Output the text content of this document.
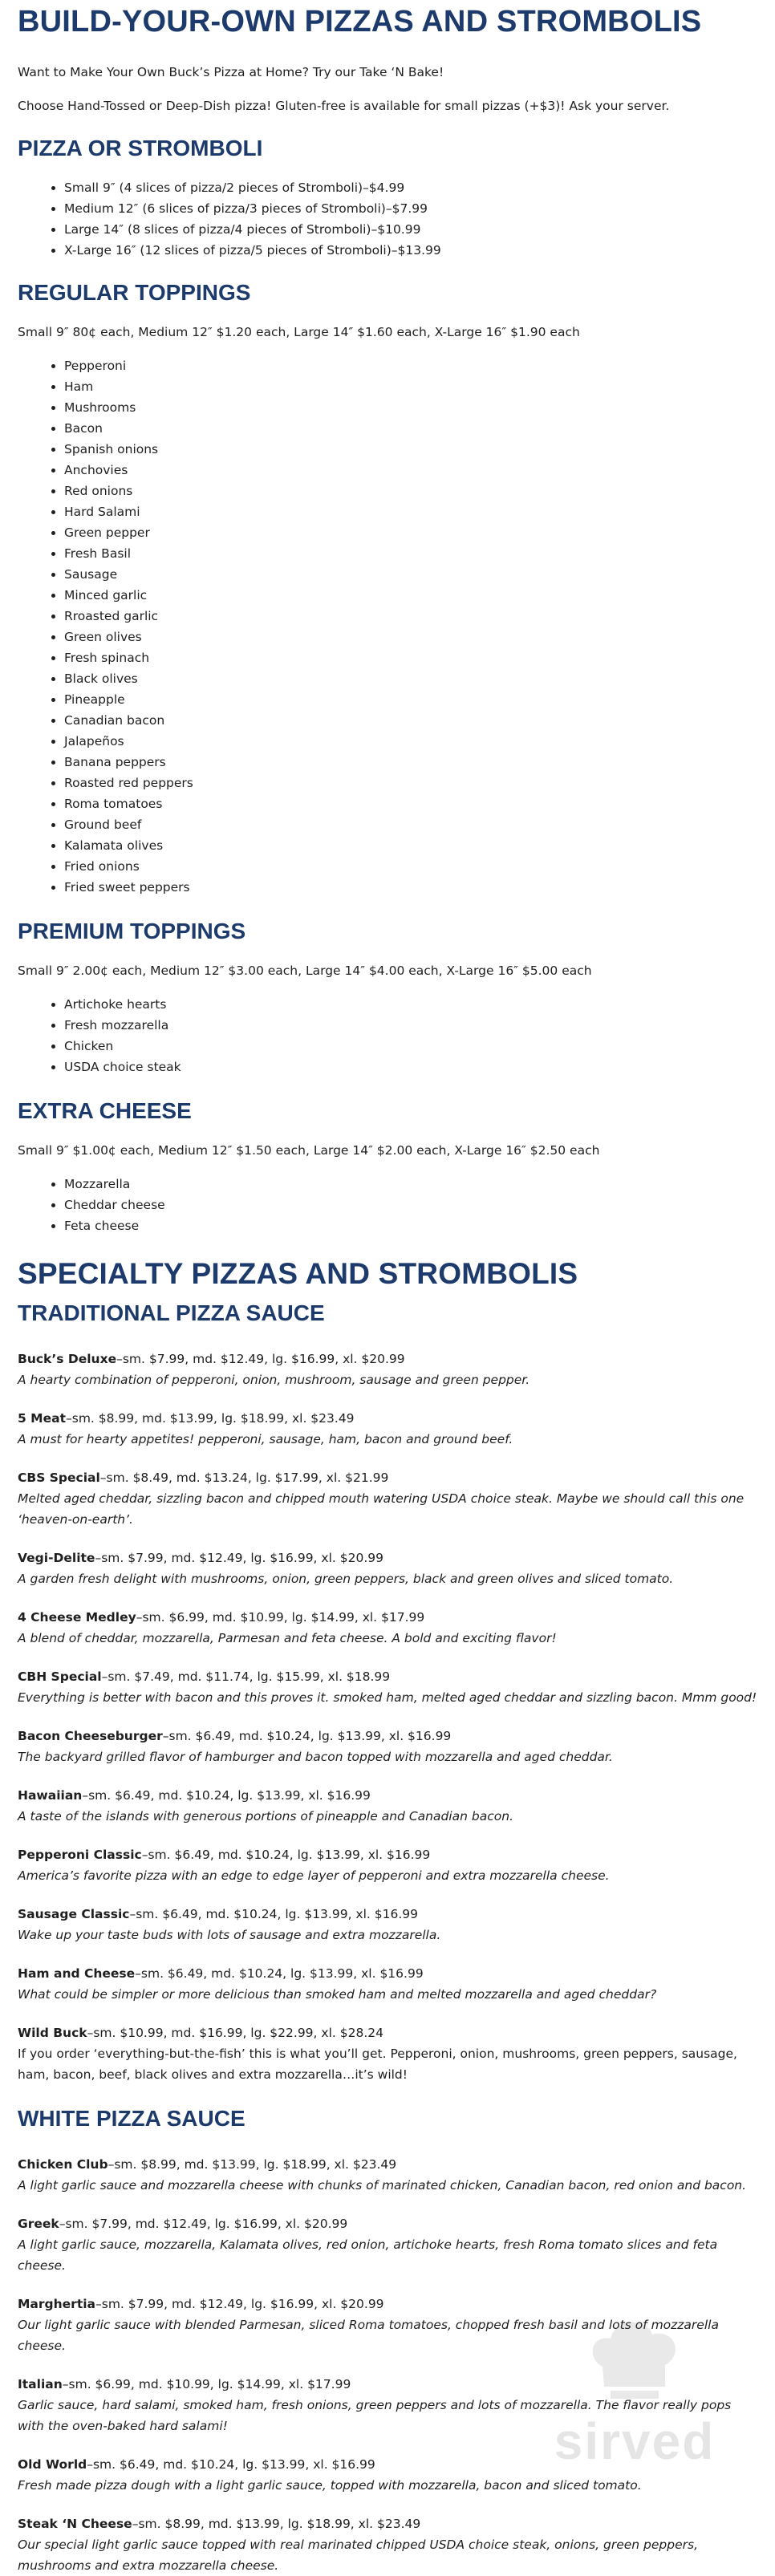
BUILD-YOUR-OWN PIZZAS AND STROMBOLIS

Want to Make Your Own Buck’s Pizza at Home? Try our Take ‘N Bake!

Choose Hand-Tossed or Deep-Dish pizza! Gluten-free is available for small pizzas (+$3)! Ask your server.

PIZZA OR STROMBOLI
• Small 9″ (4 slices of pizza/2 pieces of Stromboli)–$4.99
• Medium 12″ (6 slices of pizza/3 pieces of Stromboli)–$7.99
• Large 14″ (8 slices of pizza/4 pieces of Stromboli)–$10.99
• X-Large 16″ (12 slices of pizza/5 pieces of Stromboli)–$13.99
REGULAR TOPPINGS

Small 9″ 80¢ each, Medium 12″ $1.20 each, Large 14″ $1.60 each, X-Large 16″ $1.90 each

• Pepperoni
• Ham
• Mushrooms
• Bacon
• Spanish onions
• Anchovies
• Red onions
• Hard Salami
• Green pepper
• Fresh Basil
• Sausage
• Minced garlic
• Rroasted garlic
• Green olives
• Fresh spinach
• Black olives
• Pineapple
• Canadian bacon
• Jalapeños
• Banana peppers
• Roasted red peppers
• Roma tomatoes
• Ground beef
• Kalamata olives
• Fried onions
• Fried sweet peppers
PREMIUM TOPPINGS

Small 9″ 2.00¢ each, Medium 12″ $3.00 each, Large 14″ $4.00 each, X-Large 16″ $5.00 each

• Artichoke hearts
• Fresh mozzarella
• Chicken
• USDA choice steak
EXTRA CHEESE

Small 9″ $1.00¢ each, Medium 12″ $1.50 each, Large 14″ $2.00 each, X-Large 16″ $2.50 each

• Mozzarella
• Cheddar cheese
• Feta cheese
SPECIALTY PIZZAS AND STROMBOLIS
TRADITIONAL PIZZA SAUCE
Buck’s Deluxe–sm. $7.99, md. $12.49, lg. $16.99, xl. $20.99
A hearty combination of pepperoni, onion, mushroom, sausage and green pepper.
5 Meat–sm. $8.99, md. $13.99, lg. $18.99, xl. $23.49
A must for hearty appetites! pepperoni, sausage, ham, bacon and ground beef.
CBS Special–sm. $8.49, md. $13.24, lg. $17.99, xl. $21.99
Melted aged cheddar, sizzling bacon and chipped mouth watering USDA choice steak. Maybe we should call this one ‘heaven-on-earth’.
Vegi-Delite–sm. $7.99, md. $12.49, lg. $16.99, xl. $20.99
A garden fresh delight with mushrooms, onion, green peppers, black and green olives and sliced tomato.
4 Cheese Medley–sm. $6.99, md. $10.99, lg. $14.99, xl. $17.99
A blend of cheddar, mozzarella, Parmesan and feta cheese. A bold and exciting flavor!
CBH Special–sm. $7.49, md. $11.74, lg. $15.99, xl. $18.99
Everything is better with bacon and this proves it. smoked ham, melted aged cheddar and sizzling bacon. Mmm good!
Bacon Cheeseburger–sm. $6.49, md. $10.24, lg. $13.99, xl. $16.99
The backyard grilled flavor of hamburger and bacon topped with mozzarella and aged cheddar.
Hawaiian–sm. $6.49, md. $10.24, lg. $13.99, xl. $16.99
A taste of the islands with generous portions of pineapple and Canadian bacon.
Pepperoni Classic–sm. $6.49, md. $10.24, lg. $13.99, xl. $16.99
America’s favorite pizza with an edge to edge layer of pepperoni and extra mozzarella cheese.
Sausage Classic–sm. $6.49, md. $10.24, lg. $13.99, xl. $16.99
Wake up your taste buds with lots of sausage and extra mozzarella.
Ham and Cheese–sm. $6.49, md. $10.24, lg. $13.99, xl. $16.99
What could be simpler or more delicious than smoked ham and melted mozzarella and aged cheddar?
Wild Buck–sm. $10.99, md. $16.99, lg. $22.99, xl. $28.24
If you order ‘everything-but-the-fish’ this is what you’ll get. Pepperoni, onion, mushrooms, green peppers, sausage, ham, bacon, beef, black olives and extra mozzarella…it’s wild!
WHITE PIZZA SAUCE
Chicken Club–sm. $8.99, md. $13.99, lg. $18.99, xl. $23.49
A light garlic sauce and mozzarella cheese with chunks of marinated chicken, Canadian bacon, red onion and bacon.
Greek–sm. $7.99, md. $12.49, lg. $16.99, xl. $20.99
A light garlic sauce, mozzarella, Kalamata olives, red onion, artichoke hearts, fresh Roma tomato slices and feta cheese.
Marghertia–sm. $7.99, md. $12.49, lg. $16.99, xl. $20.99
Our light garlic sauce with blended Parmesan, sliced Roma tomatoes, chopped fresh basil and lots of mozzarella cheese.
Italian–sm. $6.99, md. $10.99, lg. $14.99, xl. $17.99
Garlic sauce, hard salami, smoked ham, fresh onions, green peppers and lots of mozzarella. The flavor really pops with the oven-baked hard salami!
Old World–sm. $6.49, md. $10.24, lg. $13.99, xl. $16.99
Fresh made pizza dough with a light garlic sauce, topped with mozzarella, bacon and sliced tomato.
Steak ‘N Cheese–sm. $8.99, md. $13.99, lg. $18.99, xl. $23.49
Our special light garlic sauce topped with real marinated chipped USDA choice steak, onions, green peppers, mushrooms and extra mozzarella cheese.
sirved
